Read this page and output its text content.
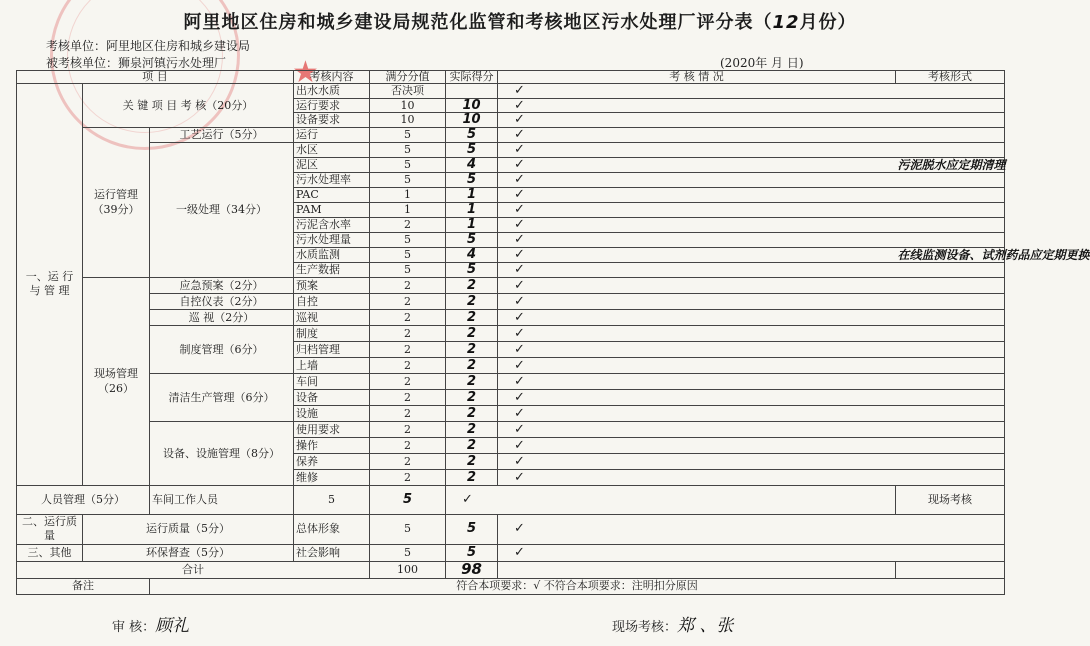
阿里地区住房和城乡建设局规范化监管和考核地区污水处理厂评分表（12月份）
考核单位：阿里地区住房和城乡建设局
被考核单位：狮泉河镇污水处理厂	(2020年 月 日)
★
项 目			考核内容	满分分值	实际得分	考 核 情 况	考核形式	
一、运 行 与 管 理	关 键 项 目 考 核（20分）		出水水质	否决项		✓		
			运行要求	10	10	✓		
			设备要求	10	10	✓		
	运行管理（39分）	工艺运行（5分）	运行	5	5	✓		
		一级处理（34分）	水区	5	5	✓		
			泥区	5	4	✓	污泥脱水应定期清理	
			污水处理率	5	5	✓		
			PAC	1	1	✓		
			PAM	1	1	✓		
			污泥含水率	2	1	✓		
			污水处理量	5	5	✓		
			水质监测	5	4	✓	在线监测设备、试剂药品应定期更换	
			生产数据	5	5	✓		
	现场管理（26）	应急预案（2分）	预案	2	2	✓		
		自控仪表（2分）	自控	2	2	✓		
		巡 视（2分）	巡视	2	2	✓		
		制度管理（6分）	制度	2	2	✓		
			归档管理	2	2	✓		
			上墙	2	2	✓		
		清洁生产管理（6分）	车间	2	2	✓		
			设备	2	2	✓		
			设施	2	2	✓		
		设备、设施管理（8分）	使用要求	2	2	✓		
			操作	2	2	✓		
			保养	2	2	✓		
			维修	2	2	✓		
人员管理（5分）		车间工作人员	5	5	✓		现场考核	
二、运行质量	运行质量（5分）		总体形象	5	5	✓		
三、其他	环保督查（5分）		社会影响	5	5	✓		
合计				100	98			
备注		符合本项要求：√ 不符合本项要求：注明扣分原因						
审 核：顾礼	现场考核：郑 、张
